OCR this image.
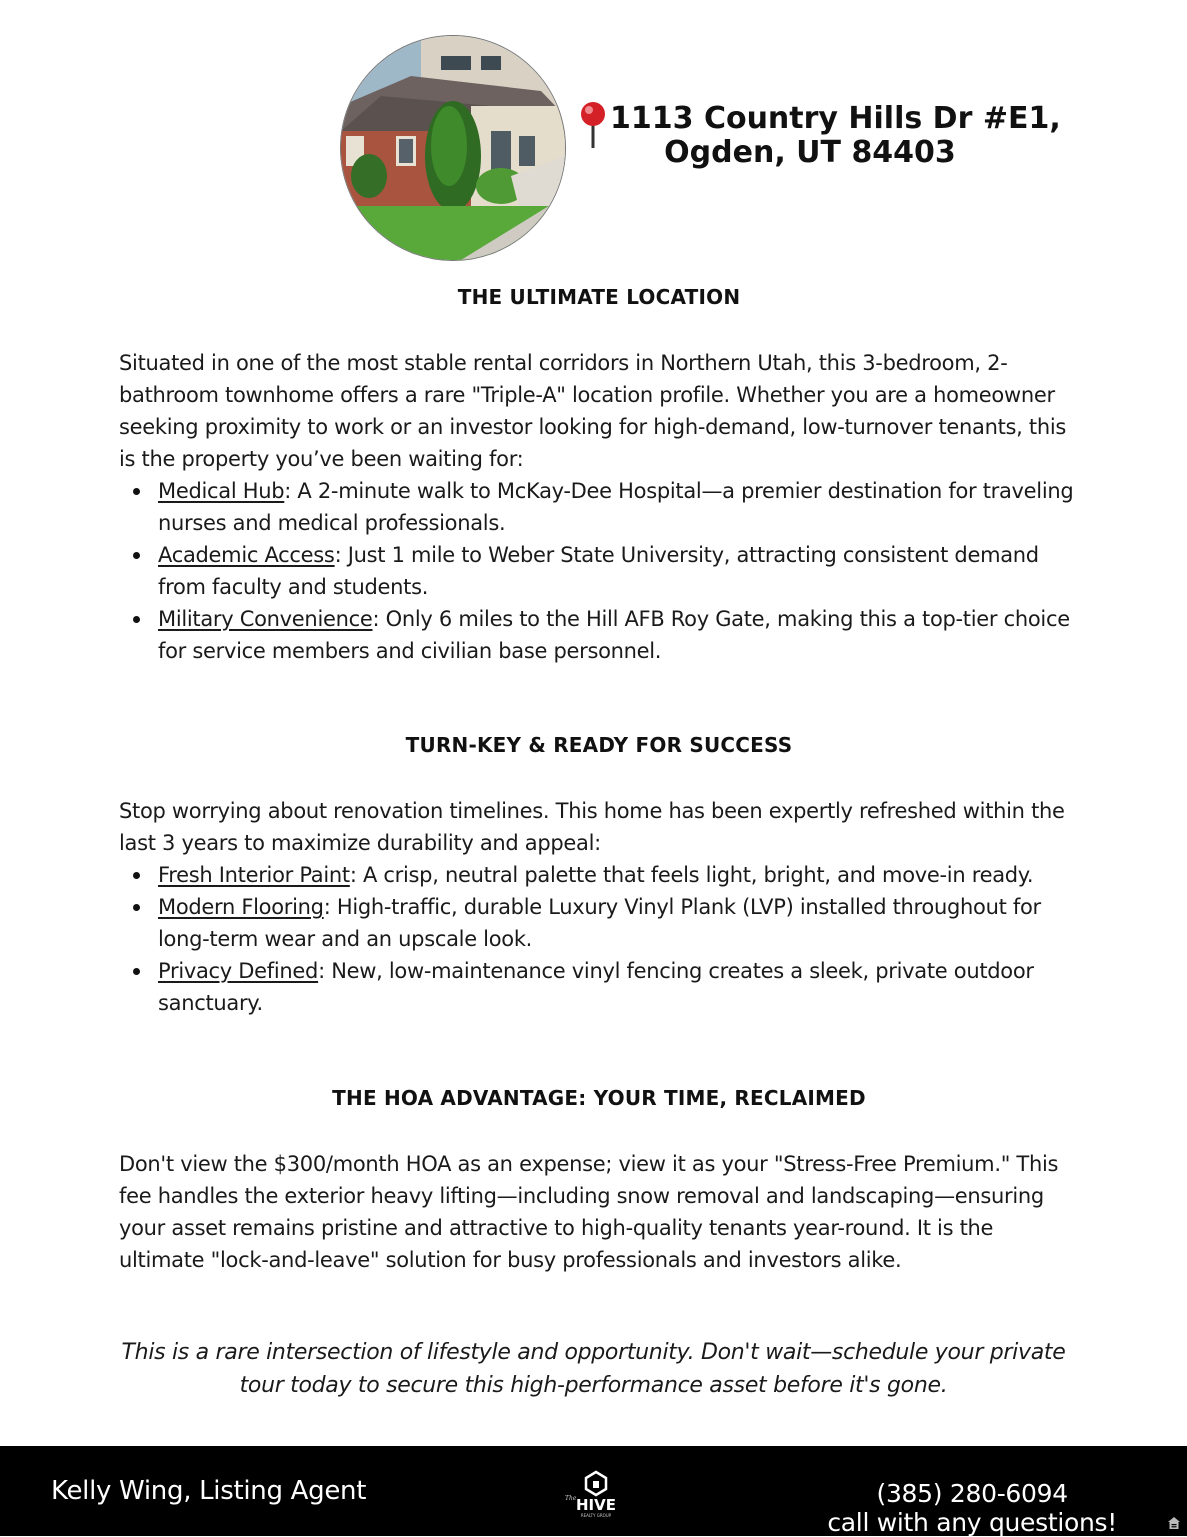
1113 Country Hills Dr #E1,
Ogden, UT 84403
THE ULTIMATE LOCATION

Situated in one of the most stable rental corridors in Northern Utah, this 3-bedroom, 2-bathroom townhome offers a rare "Triple-A" location profile. Whether you are a homeowner seeking proximity to work or an investor looking for high-demand, low-turnover tenants, this is the property you’ve been waiting for:

Medical Hub: A 2-minute walk to McKay-Dee Hospital—a premier destination for traveling nurses and medical professionals.
Academic Access: Just 1 mile to Weber State University, attracting consistent demand from faculty and students.
Military Convenience: Only 6 miles to the Hill AFB Roy Gate, making this a top-tier choice for service members and civilian base personnel.
TURN-KEY & READY FOR SUCCESS

Stop worrying about renovation timelines. This home has been expertly refreshed within the last 3 years to maximize durability and appeal:

Fresh Interior Paint: A crisp, neutral palette that feels light, bright, and move-in ready.
Modern Flooring: High-traffic, durable Luxury Vinyl Plank (LVP) installed throughout for long-term wear and an upscale look.
Privacy Defined: New, low-maintenance vinyl fencing creates a sleek, private outdoor sanctuary.
THE HOA ADVANTAGE: YOUR TIME, RECLAIMED

Don't view the $300/month HOA as an expense; view it as your "Stress-Free Premium." This fee handles the exterior heavy lifting—including snow removal and landscaping—ensuring your asset remains pristine and attractive to high-quality tenants year-round. It is the ultimate "lock-and-leave" solution for busy professionals and investors alike.

This is a rare intersection of lifestyle and opportunity. Don't wait—schedule your private tour today to secure this high-performance asset before it's gone.
Kelly Wing, Listing Agent	The HIVE
REALTY GROUP
(385) 280-6094
call with any questions!
